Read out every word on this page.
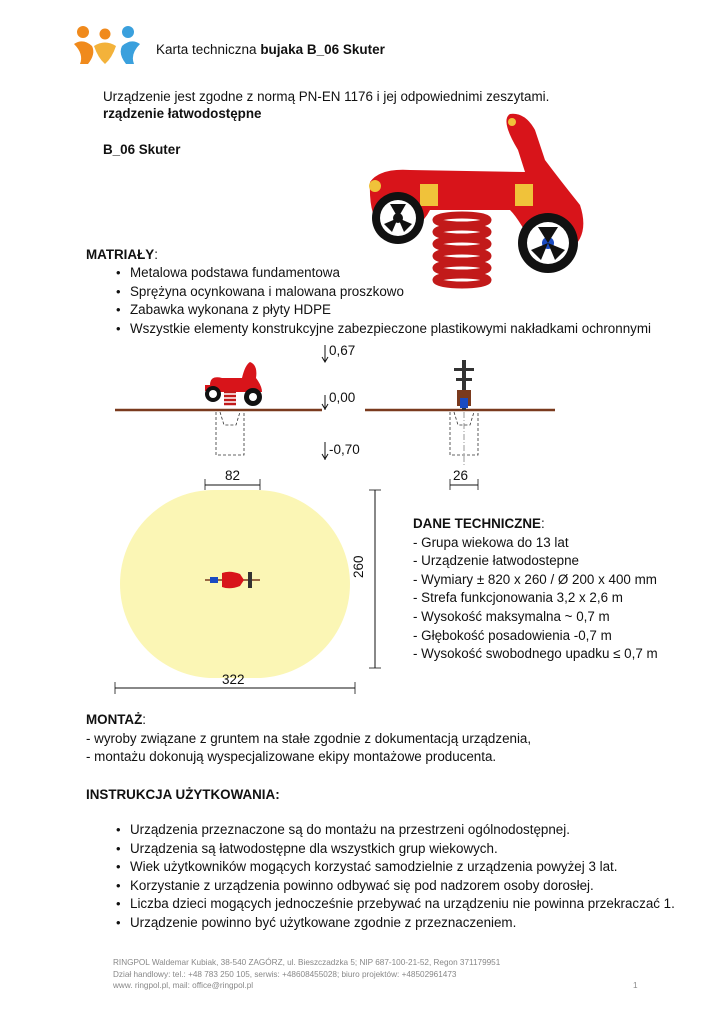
Karta techniczna bujaka B_06 Skuter
Urządzenie jest zgodne z normą PN-EN 1176 i jej odpowiednimi zeszytami.
rządzenie łatwodostępne
B_06 Skuter
MATRIAŁY:
• Metalowa podstawa fundamentowa
• Sprężyna ocynkowana i malowana proszkowo
• Zabawka wykonana z płyty HDPE
• Wszystkie elementy konstrukcyjne zabezpieczone plastikowymi nakładkami ochronnymi
0,67
0,00
-0,70
82	26
260
322
DANE TECHNICZNE:
- Grupa wiekowa do 13 lat
- Urządzenie łatwodostepne
- Wymiary ± 820 x 260 / Ø 200 x 400 mm
- Strefa funkcjonowania 3,2 x 2,6 m
- Wysokość maksymalna ~ 0,7 m
- Głębokość posadowienia -0,7 m
- Wysokość swobodnego upadku ≤ 0,7 m
MONTAŻ:
- wyroby związane z gruntem na stałe zgodnie z dokumentacją urządzenia,
- montażu dokonują wyspecjalizowane ekipy montażowe producenta.
INSTRUKCJA UŻYTKOWANIA:
• Urządzenia przeznaczone są do montażu na przestrzeni ogólnodostępnej.
• Urządzenia są łatwodostępne dla wszystkich grup wiekowych.
• Wiek użytkowników mogących korzystać samodzielnie z urządzenia powyżej 3 lat.
• Korzystanie z urządzenia powinno odbywać się pod nadzorem osoby dorosłej.
• Liczba dzieci mogących jednocześnie przebywać na urządzeniu nie powinna przekraczać 1.
• Urządzenie powinno być użytkowane zgodnie z przeznaczeniem.
RINGPOL Waldemar Kubiak, 38-540 ZAGÓRZ, ul. Bieszczadzka 5; NIP 687-100-21-52, Regon 371179951
Dział handlowy: tel.: +48 783 250 105, serwis: +48608455028; biuro projektów: +48502961473
www. ringpol.pl, mail: office@ringpol.pl	1
